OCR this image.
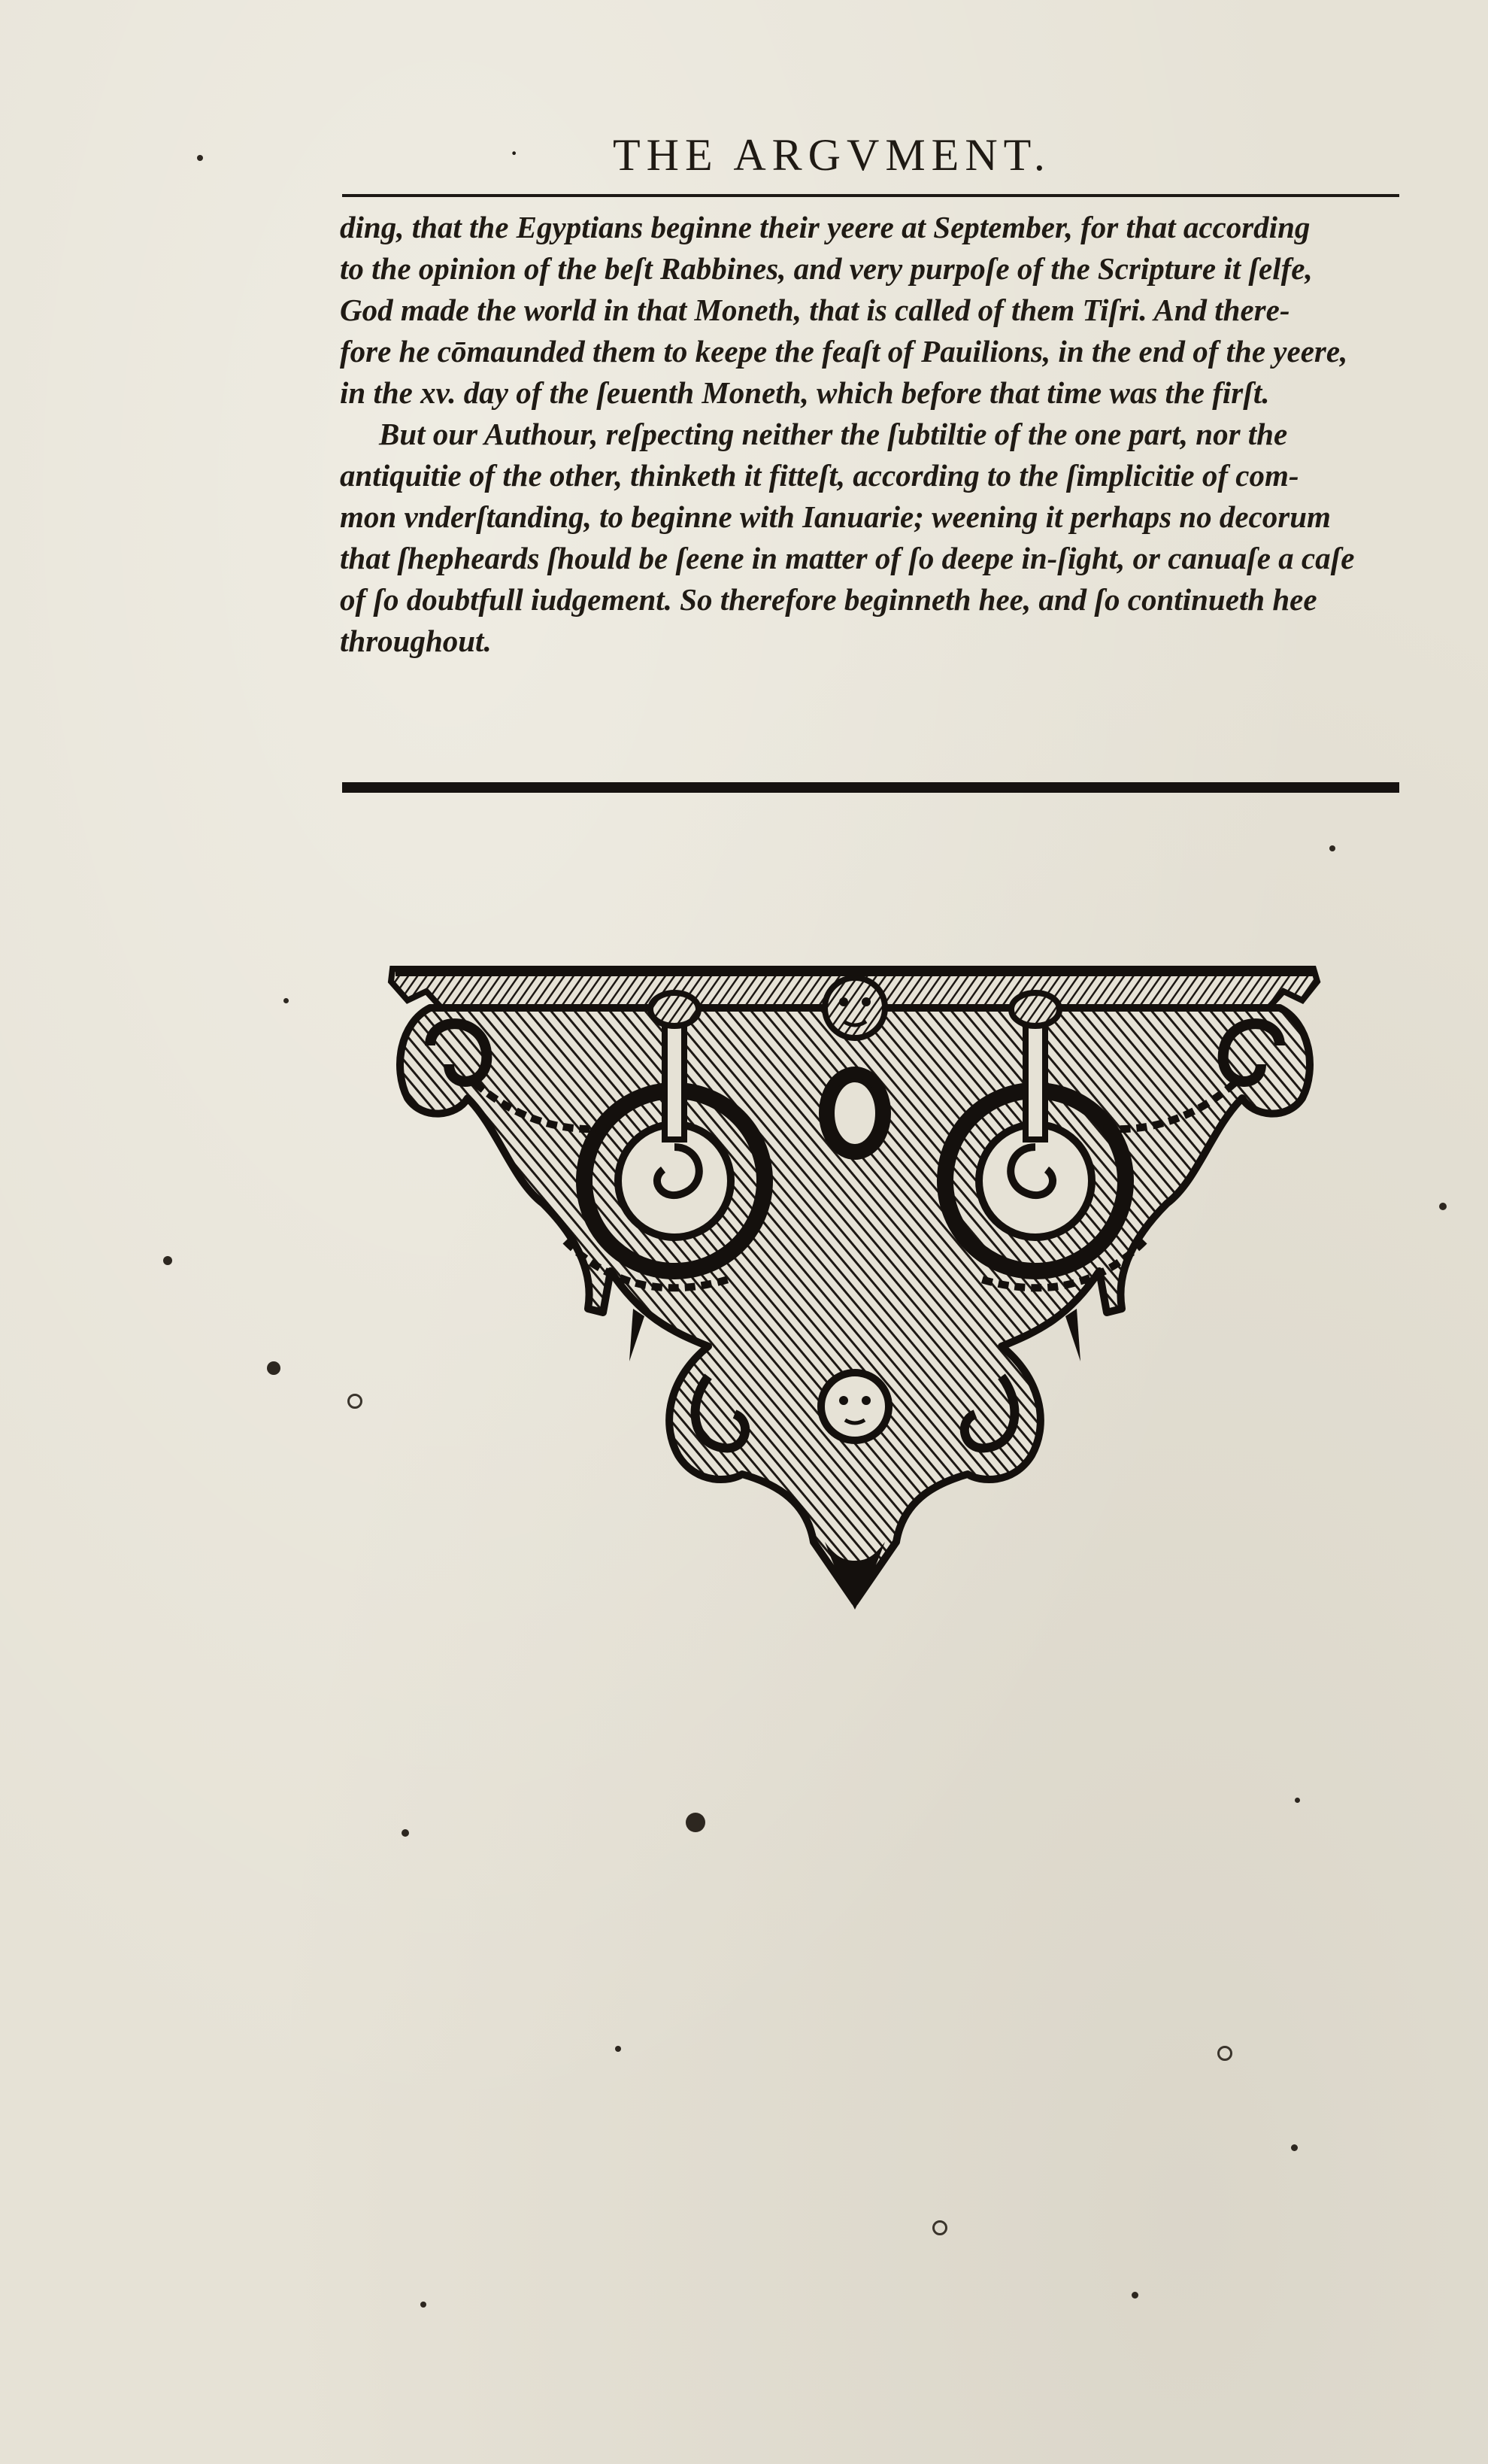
· THE ARGVMENT.
ding, that the Egyptians beginne their yeere at September, for that according
to the opinion of the beſt Rabbines, and very purpoſe of the Scripture it ſelfe,
God made the world in that Moneth, that is called of them Tiſri. And there-
fore he cōmaunded them to keepe the feaſt of Pauilions, in the end of the yeere,
in the xv. day of the ſeuenth Moneth, which before that time was the firſt.
But our Authour, reſpecting neither the ſubtiltie of the one part, nor the
antiquitie of the other, thinketh it fitteſt, according to the ſimplicitie of com-
mon vnderſtanding, to beginne with Ianuarie; weening it perhaps no decorum
that ſhepheards ſhould be ſeene in matter of ſo deepe in-ſight, or canuaſe a caſe
of ſo doubtfull iudgement. So therefore beginneth hee, and ſo continueth hee
throughout.
